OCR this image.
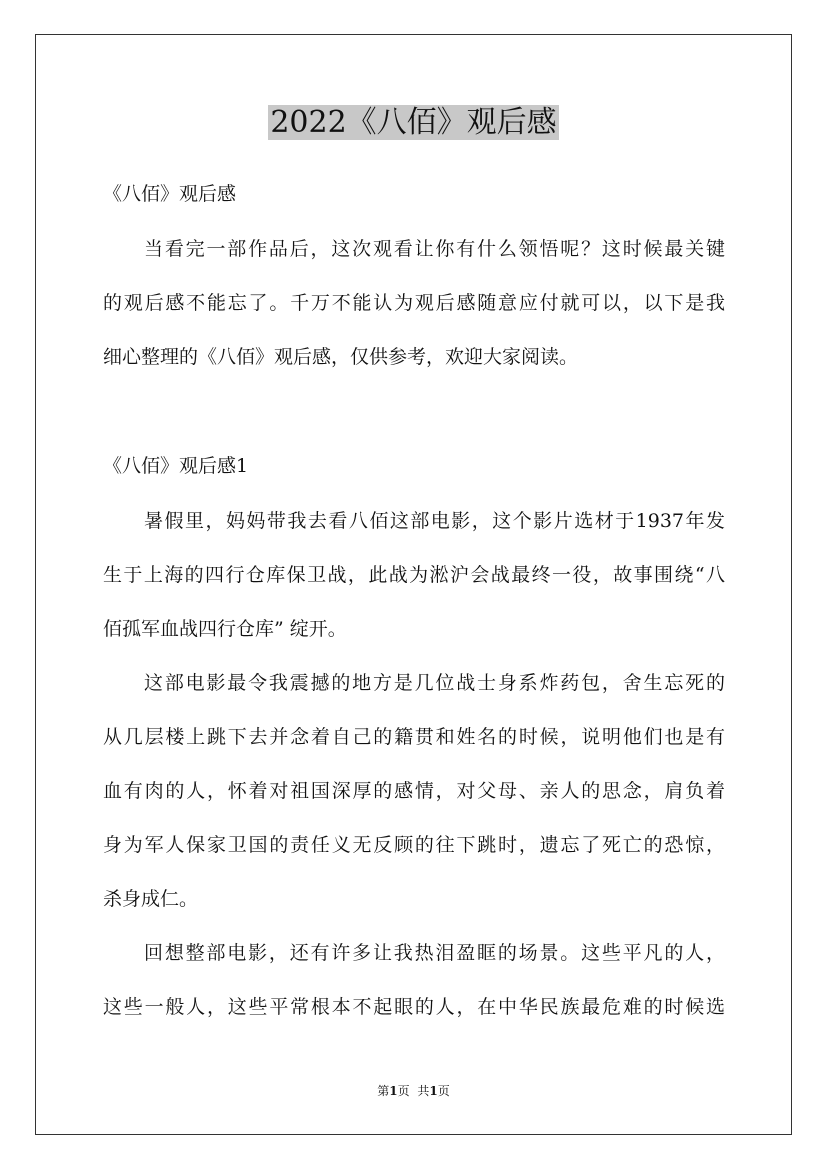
2022《八佰》观后感
《八佰》观后感
当看完一部作品后，这次观看让你有什么领悟呢？这时候最关键
的观后感不能忘了。千万不能认为观后感随意应付就可以，以下是我
细心整理的《八佰》观后感，仅供参考，欢迎大家阅读。
《八佰》观后感1
暑假里，妈妈带我去看八佰这部电影，这个影片选材于1937年发
生于上海的四行仓库保卫战，此战为淞沪会战最终一役，故事围绕“八
佰孤军血战四行仓库” 绽开。
这部电影最令我震撼的地方是几位战士身系炸药包，舍生忘死的
从几层楼上跳下去并念着自己的籍贯和姓名的时候，说明他们也是有
血有肉的人，怀着对祖国深厚的感情，对父母、亲人的思念，肩负着
身为军人保家卫国的责任义无反顾的往下跳时，遗忘了死亡的恐惊，
杀身成仁。
回想整部电影，还有许多让我热泪盈眶的场景。这些平凡的人，
这些一般人，这些平常根本不起眼的人，在中华民族最危难的时候选
第1页 共1页
